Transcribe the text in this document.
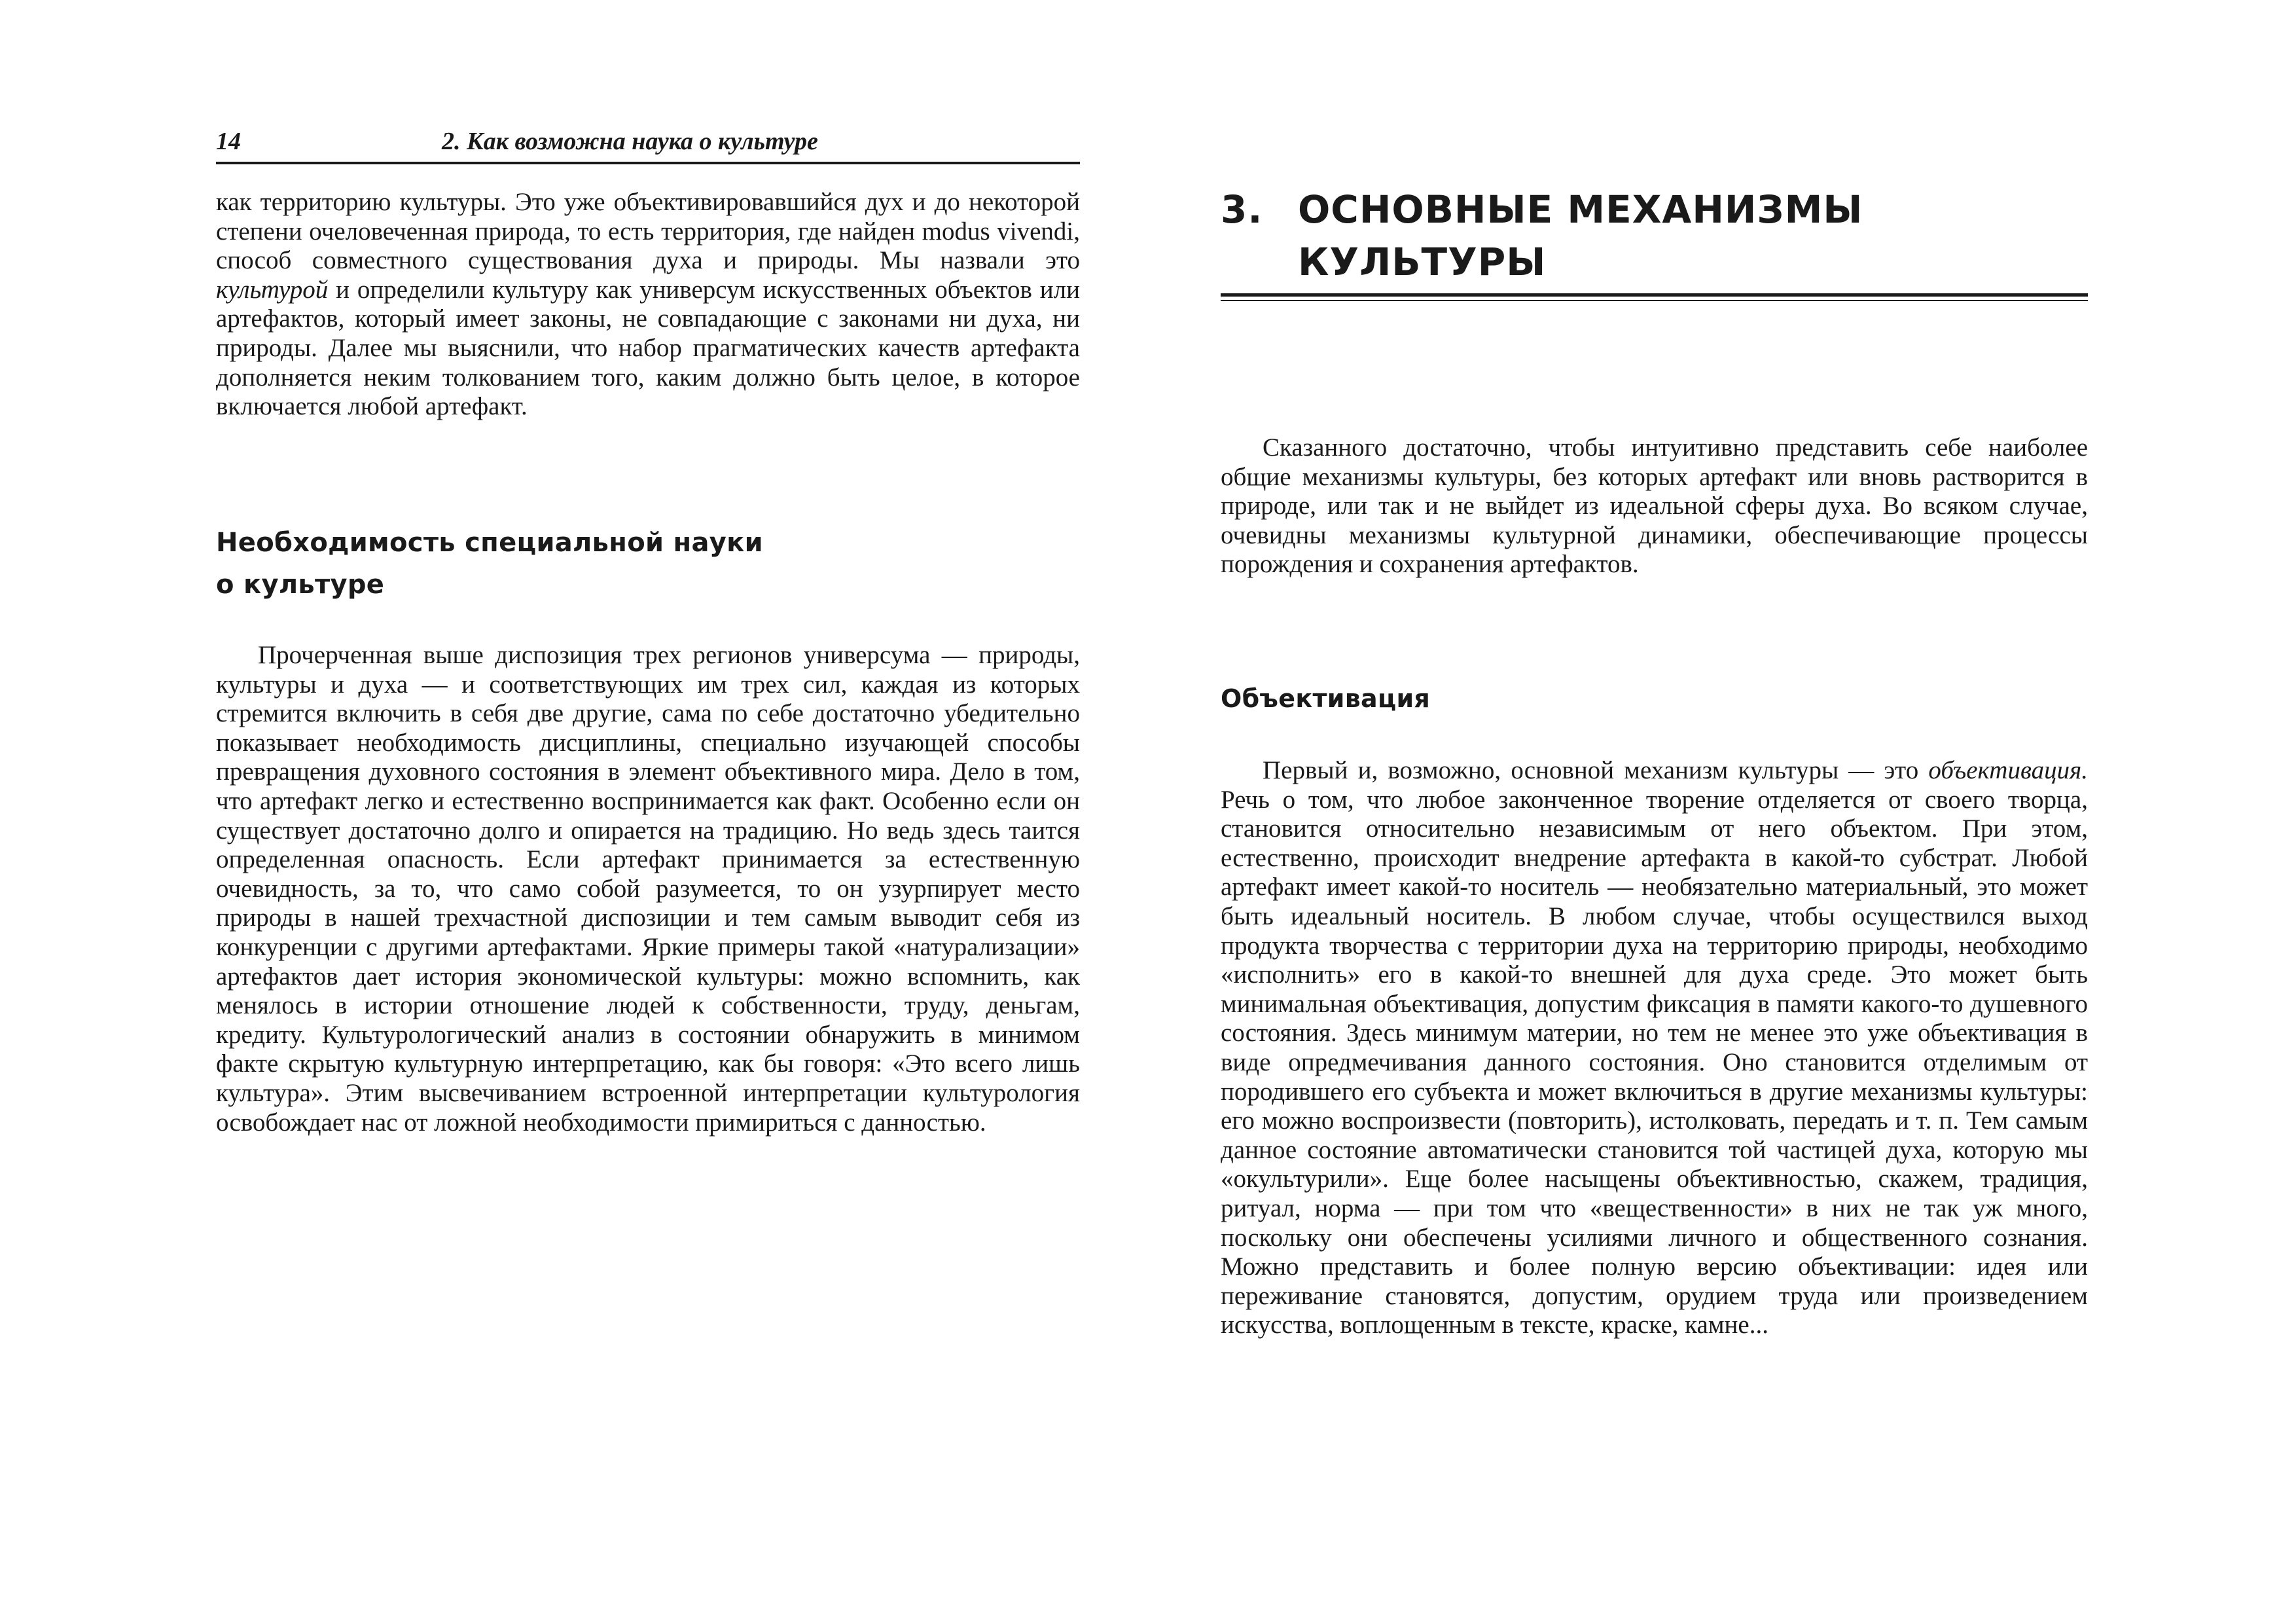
14	2. Как возможна наука о культуре

как территорию культуры. Это уже объективировавшийся дух и до некоторой степени очеловеченная природа, то есть территория, где найден modus vivendi, способ совместного существования духа и природы. Мы назвали это культурой и определили культуру как универсум искусственных объектов или артефактов, который имеет законы, не совпадающие с законами ни духа, ни природы. Далее мы выяснили, что набор прагматических качеств артефакта дополняется неким толкованием того, каким должно быть целое, в которое включается любой артефакт.

Необходимость специальной науки
о культуре

Прочерченная выше диспозиция трех регионов универсума — природы, культуры и духа — и соответствующих им трех сил, каждая из которых стремится включить в себя две другие, сама по себе достаточно убедительно показывает необходимость дисциплины, специально изучающей способы превращения духовного состояния в элемент объективного мира. Дело в том, что артефакт легко и естественно воспринимается как факт. Особенно если он существует достаточно долго и опирается на традицию. Но ведь здесь таится определенная опасность. Если артефакт принимается за естественную очевидность, за то, что само собой разумеется, то он узурпирует место природы в нашей трехчастной диспозиции и тем самым выводит себя из конкуренции с другими артефактами. Яркие примеры такой «натурализации» артефактов дает история экономической культуры: можно вспомнить, как менялось в истории отношение людей к собственности, труду, деньгам, кредиту. Культурологический анализ в состоянии обнаружить в минимом факте скрытую культурную интерпретацию, как бы говоря: «Это всего лишь культура». Этим высвечиванием встроенной интерпретации культурология освобождает нас от ложной необходимости примириться с данностью.

3. ОСНОВНЫЕ МЕХАНИЗМЫ
КУЛЬТУРЫ

Сказанного достаточно, чтобы интуитивно представить себе наиболее общие механизмы культуры, без которых артефакт или вновь растворится в природе, или так и не выйдет из идеальной сферы духа. Во всяком случае, очевидны механизмы культурной динамики, обеспечивающие процессы порождения и сохранения артефактов.

Объективация

Первый и, возможно, основной механизм культуры — это объективация. Речь о том, что любое законченное творение отделяется от своего творца, становится относительно независимым от него объектом. При этом, естественно, происходит внедрение артефакта в какой-то субстрат. Любой артефакт имеет какой-то носитель — необязательно материальный, это может быть идеальный носитель. В любом случае, чтобы осуществился выход продукта творчества с территории духа на территорию природы, необходимо «исполнить» его в какой-то внешней для духа среде. Это может быть минимальная объективация, допустим фиксация в памяти какого-то душевного состояния. Здесь минимум материи, но тем не менее это уже объективация в виде опредмечивания данного состояния. Оно становится отделимым от породившего его субъекта и может включиться в другие механизмы культуры: его можно воспроизвести (повторить), истолковать, передать и т. п. Тем самым данное состояние автоматически становится той частицей духа, которую мы «окультурили». Еще более насыщены объективностью, скажем, традиция, ритуал, норма — при том что «вещественности» в них не так уж много, поскольку они обеспечены усилиями личного и общественного сознания. Можно представить и более полную версию объективации: идея или переживание становятся, допустим, орудием труда или произведением искусства, воплощенным в тексте, краске, камне...
